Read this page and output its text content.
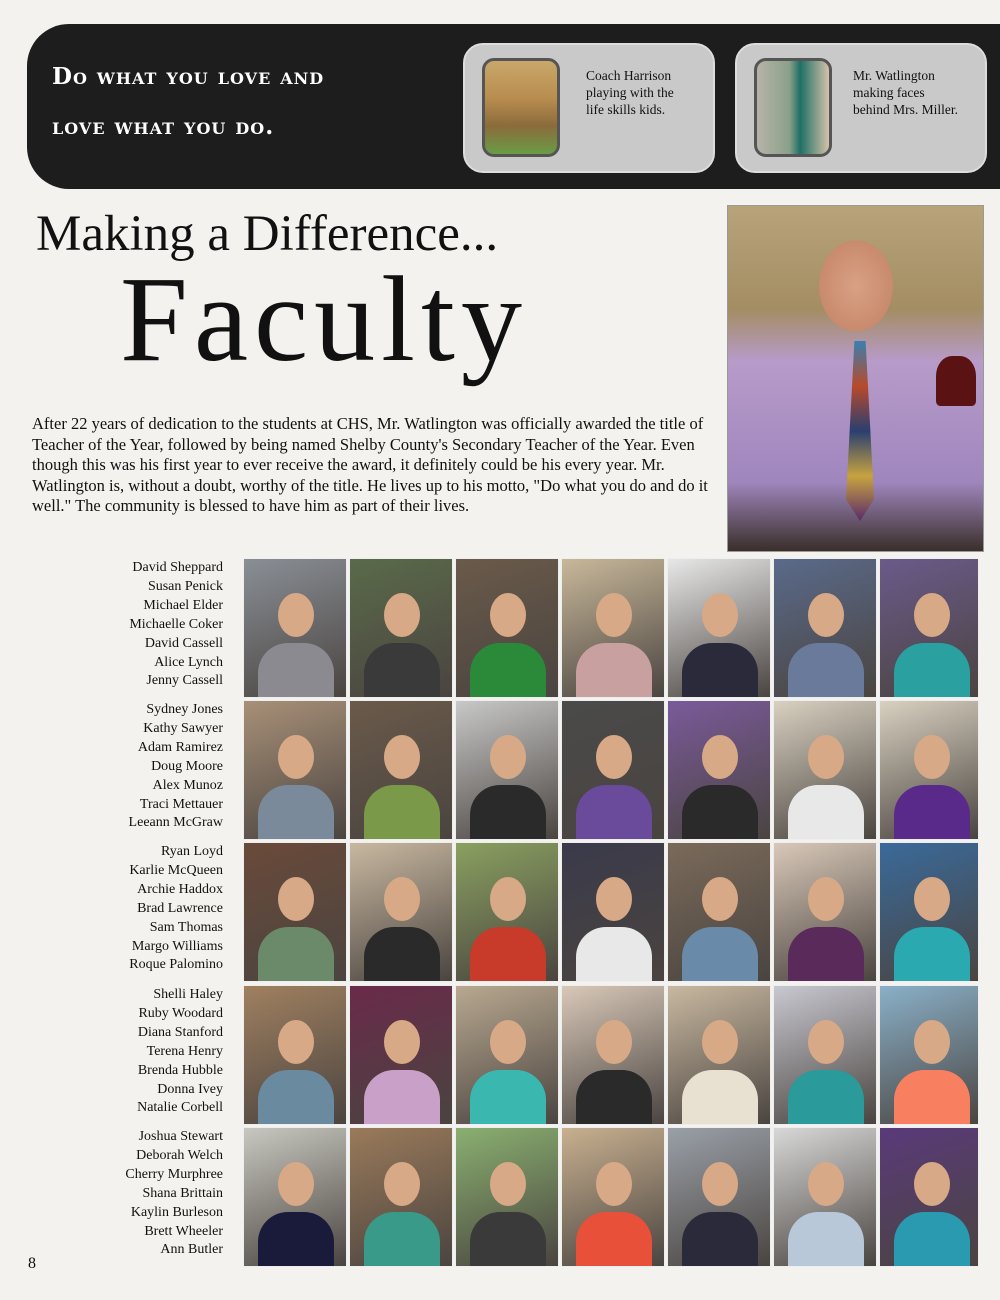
Do what you love and
love what you do.
Coach Harrison
playing with the
life skills kids.
Mr. Watlington
making faces
behind Mrs. Miller.
Making a Difference...
Faculty
After 22 years of dedication to the students at CHS, Mr. Watlington was officially awarded the title of Teacher of the Year, followed by being named Shelby County's Secondary Teacher of the Year. Even though this was his first year to ever receive the award, it definitely could be his every year. Mr. Watlington is, without a doubt, worthy of the title. He lives up to his motto, "Do what you do and do it well." The community is blessed to have him as part of their lives.
David Sheppard
Susan Penick
Michael Elder
Michaelle Coker
David Cassell
Alice Lynch
Jenny Cassell
Sydney Jones
Kathy Sawyer
Adam Ramirez
Doug Moore
Alex Munoz
Traci Mettauer
Leeann McGraw
Ryan Loyd
Karlie McQueen
Archie Haddox
Brad Lawrence
Sam Thomas
Margo Williams
Roque Palomino
Shelli Haley
Ruby Woodard
Diana Stanford
Terena Henry
Brenda Hubble
Donna Ivey
Natalie Corbell
Joshua Stewart
Deborah Welch
Cherry Murphree
Shana Brittain
Kaylin Burleson
Brett Wheeler
Ann Butler
8
